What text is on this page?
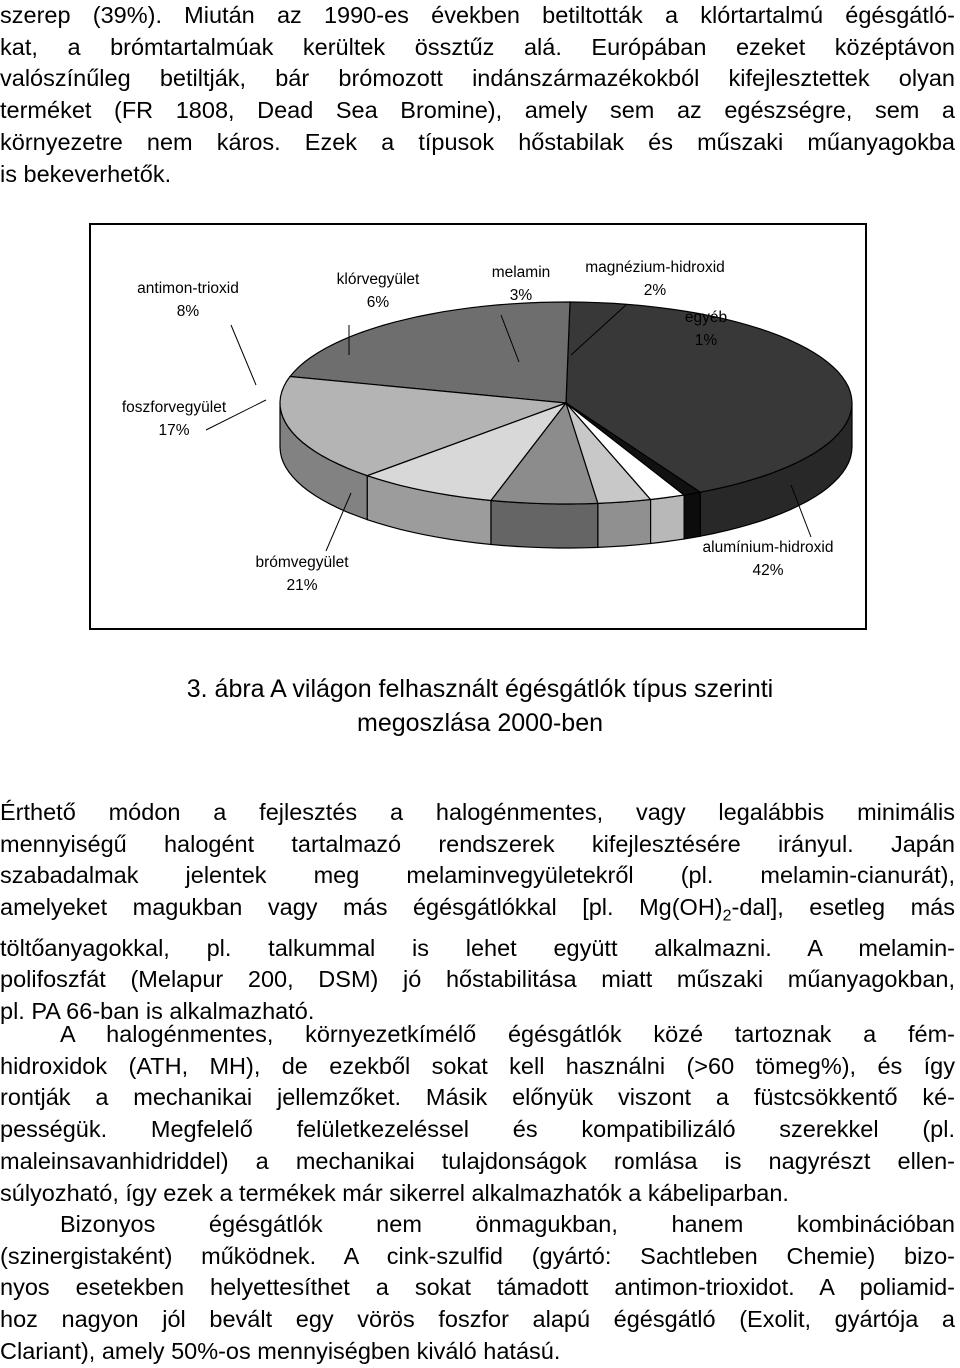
szerep (39%). Miután az 1990-es években betiltották a klórtartalmú égésgátló-
kat, a brómtartalmúak kerültek össztűz alá. Európában ezeket középtávon
valószínűleg betiltják, bár brómozott indánszármazékokból kifejlesztettek olyan
terméket (FR 1808, Dead Sea Bromine), amely sem az egészségre, sem a
környezetre nem káros. Ezek a típusok hőstabilak és műszaki műanyagokba
is bekeverhetők.
alumínium-hidroxid
42%
brómvegyület
21%
foszforvegyület
17%
antimon-trioxid
8%
klórvegyület
6%
melamin
3%
magnézium-hidroxid
2%
egyéb
1%
3. ábra A világon felhasznált égésgátlók típus szerinti
megoszlása 2000-ben
Érthető módon a fejlesztés a halogénmentes, vagy legalábbis minimális
mennyiségű halogént tartalmazó rendszerek kifejlesztésére irányul. Japán
szabadalmak jelentek meg melaminvegyületekről (pl. melamin-cianurát),
amelyeket magukban vagy más égésgátlókkal [pl. $Mg(OH)_2-dal$], esetleg más
töltőanyagokkal, pl. talkummal is lehet együtt alkalmazni. A melamin-
polifoszfát (Melapur 200, DSM) jó hőstabilitása miatt műszaki műanyagokban,
pl. PA 66-ban is alkalmazható.
A halogénmentes, környezetkímélő égésgátlók közé tartoznak a fém-
hidroxidok (ATH, MH), de ezekből sokat kell használni (>60 tömeg%), és így
rontják a mechanikai jellemzőket. Másik előnyük viszont a füstcsökkentő ké-
pességük. Megfelelő felületkezeléssel és kompatibilizáló szerekkel (pl.
maleinsavanhidriddel) a mechanikai tulajdonságok romlása is nagyrészt ellen-
súlyozható, így ezek a termékek már sikerrel alkalmazhatók a kábeliparban.
Bizonyos égésgátlók nem önmagukban, hanem kombinációban
(szinergistaként) működnek. A cink-szulfid (gyártó: Sachtleben Chemie) bizo-
nyos esetekben helyettesíthet a sokat támadott antimon-trioxidot. A poliamid-
hoz nagyon jól bevált egy vörös foszfor alapú égésgátló (Exolit, gyártója a
Clariant), amely 50%-os mennyiségben kiváló hatású.
